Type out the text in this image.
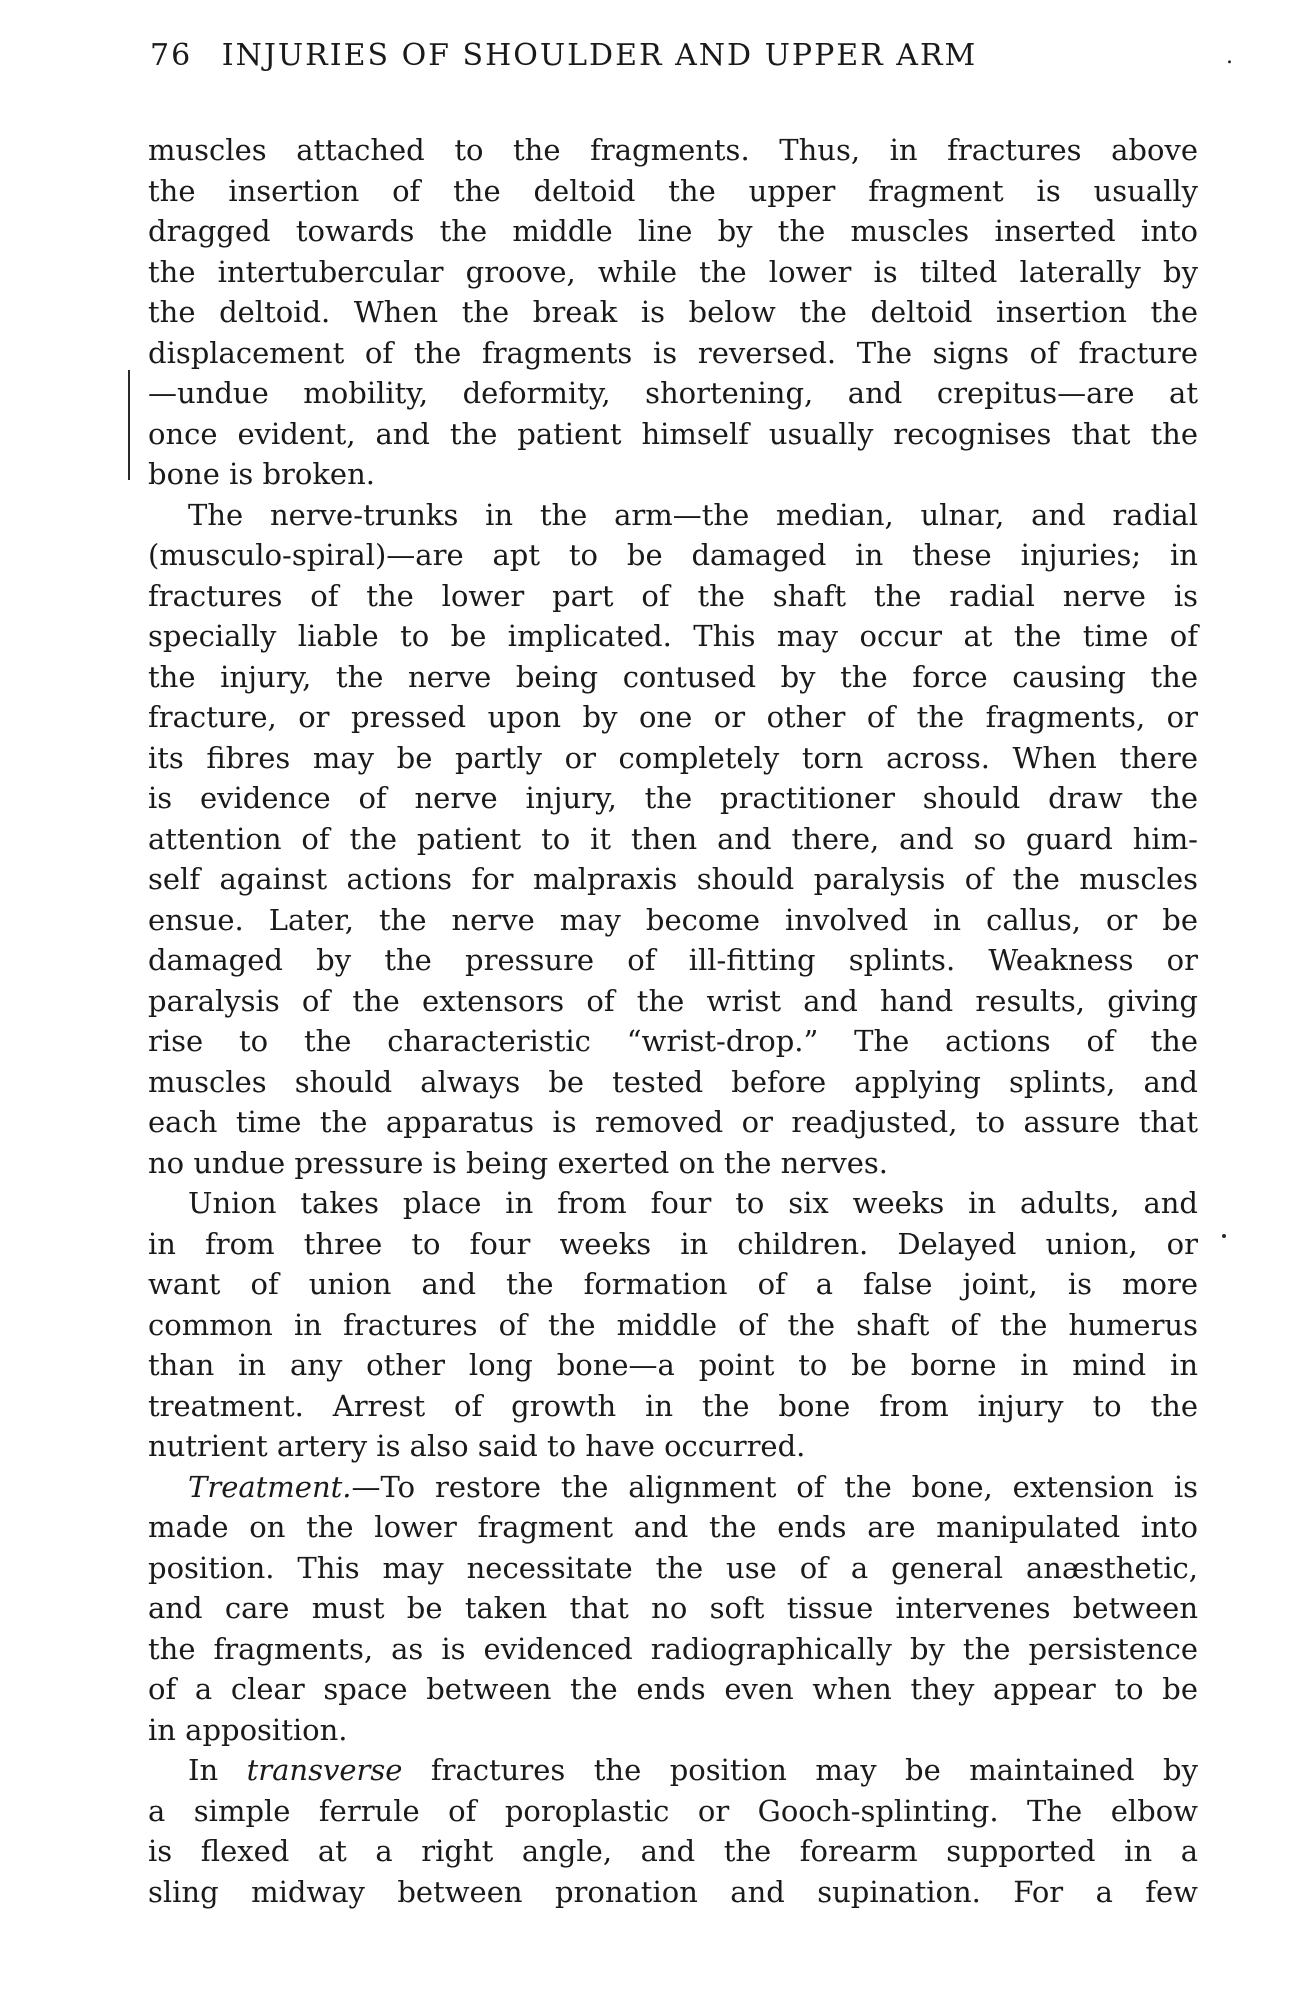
76 INJURIES OF SHOULDER AND UPPER ARM	.
muscles attached to the fragments. Thus, in fractures above
the insertion of the deltoid the upper fragment is usually
dragged towards the middle line by the muscles inserted into
the intertubercular groove, while the lower is tilted laterally by
the deltoid. When the break is below the deltoid insertion the
displacement of the fragments is reversed. The signs of fracture
—undue mobility, deformity, shortening, and crepitus—are at
once evident, and the patient himself usually recognises that the
bone is broken.
The nerve-trunks in the arm—the median, ulnar, and radial
(musculo-spiral)—are apt to be damaged in these injuries; in
fractures of the lower part of the shaft the radial nerve is
specially liable to be implicated. This may occur at the time of
the injury, the nerve being contused by the force causing the
fracture, or pressed upon by one or other of the fragments, or
its fibres may be partly or completely torn across. When there
is evidence of nerve injury, the practitioner should draw the
attention of the patient to it then and there, and so guard him-
self against actions for malpraxis should paralysis of the muscles
ensue. Later, the nerve may become involved in callus, or be
damaged by the pressure of ill-fitting splints. Weakness or
paralysis of the extensors of the wrist and hand results, giving
rise to the characteristic “wrist-drop.” The actions of the
muscles should always be tested before applying splints, and
each time the apparatus is removed or readjusted, to assure that
no undue pressure is being exerted on the nerves.
Union takes place in from four to six weeks in adults, and
in from three to four weeks in children. Delayed union, or
want of union and the formation of a false joint, is more
common in fractures of the middle of the shaft of the humerus
than in any other long bone—a point to be borne in mind in
treatment. Arrest of growth in the bone from injury to the
nutrient artery is also said to have occurred.
Treatment.—To restore the alignment of the bone, extension is
made on the lower fragment and the ends are manipulated into
position. This may necessitate the use of a general anæsthetic,
and care must be taken that no soft tissue intervenes between
the fragments, as is evidenced radiographically by the persistence
of a clear space between the ends even when they appear to be
in apposition.
In transverse fractures the position may be maintained by
a simple ferrule of poroplastic or Gooch-splinting. The elbow
is flexed at a right angle, and the forearm supported in a
sling midway between pronation and supination. For a few
